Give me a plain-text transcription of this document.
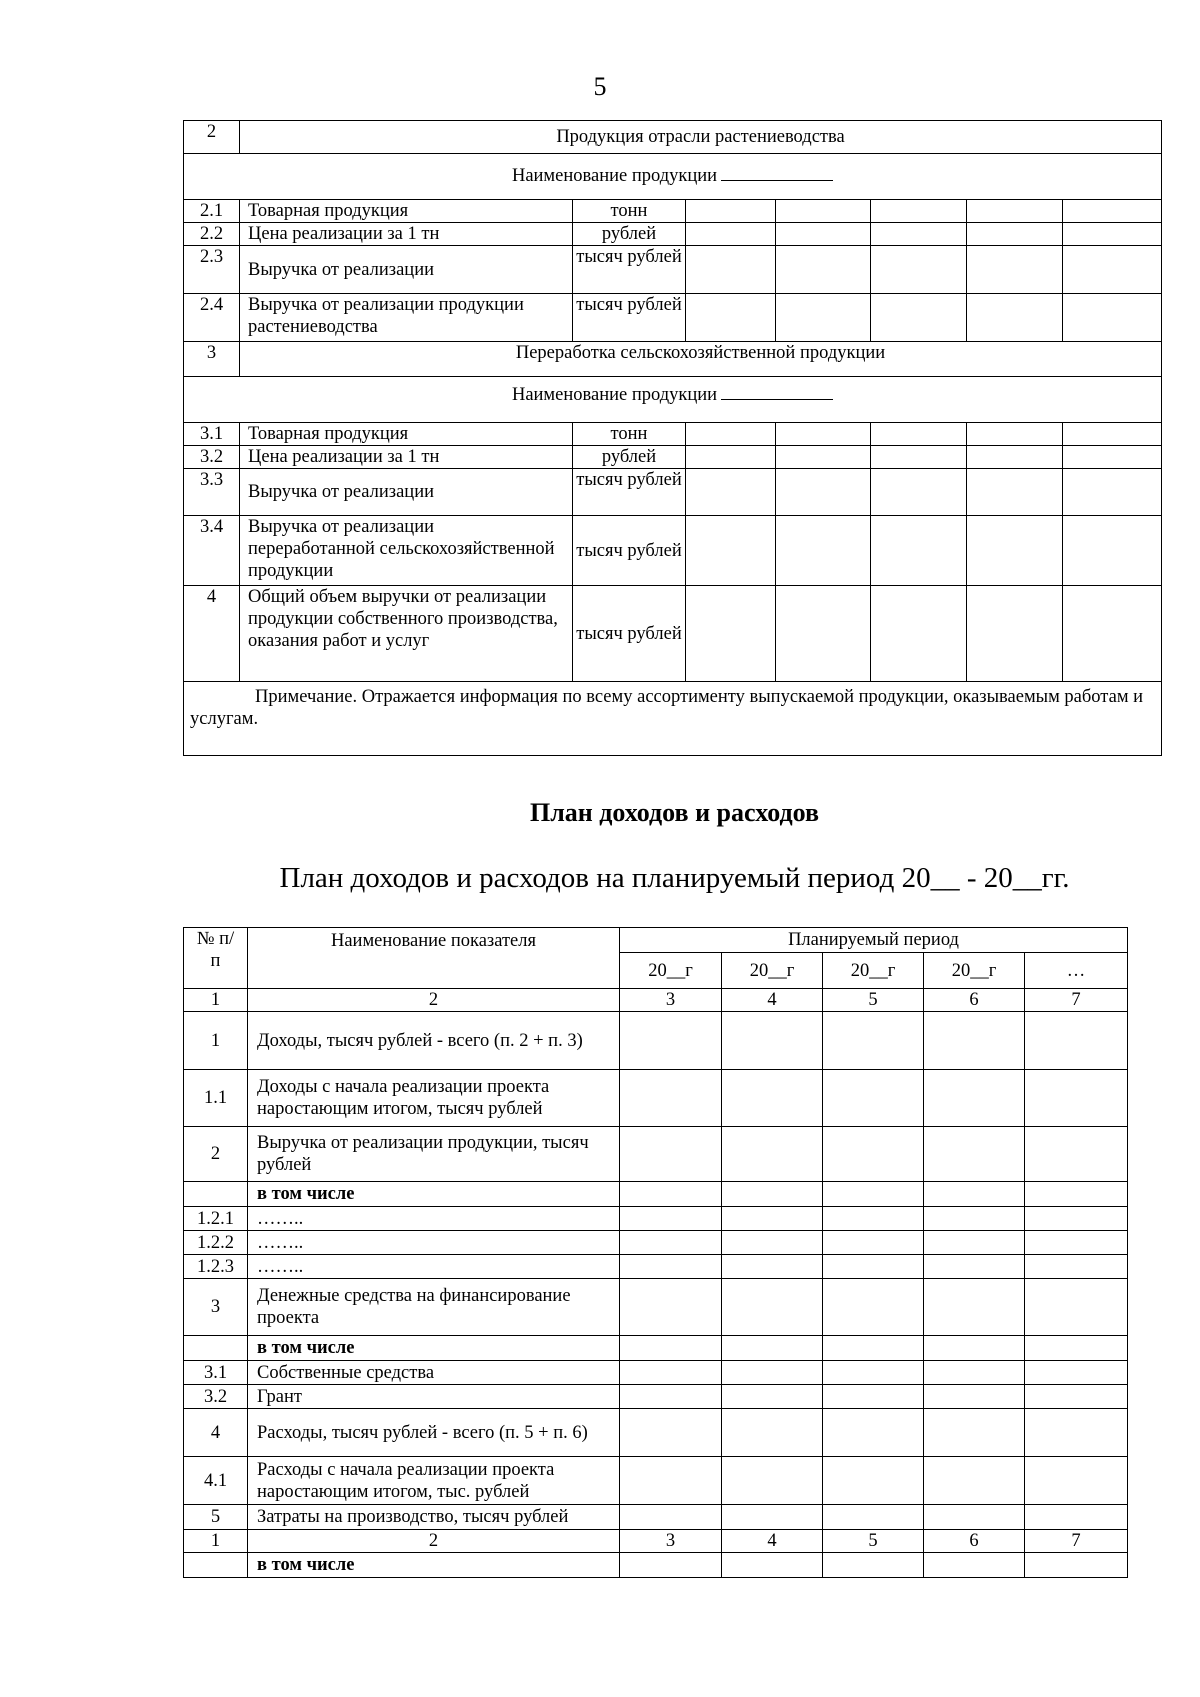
5
2	Продукция отрасли растениеводства						
Наименование продукции							
2.1	Товарная продукция	тонн					
2.2	Цена реализации за 1 тн	рублей					
2.3	Выручка от реализации	тысяч рублей					
2.4	Выручка от реализации продукции растениеводства	тысяч рублей					
3	Переработка сельскохозяйственной продукции						
Наименование продукции							
3.1	Товарная продукция	тонн					
3.2	Цена реализации за 1 тн	рублей					
3.3	Выручка от реализации	тысяч рублей					
3.4	Выручка от реализации переработанной сельскохозяйственной продукции	тысяч рублей					
4	Общий объем выручки от реализации продукции собственного производства, оказания работ и услуг	тысяч рублей					
Примечание. Отражается информация по всему ассортименту выпускаемой продукции, оказываемым работам и услугам.							
План доходов и расходов
План доходов и расходов на планируемый период 20__ - 20__гг.
№ п/п	Наименование показателя	Планируемый период				
		20__г	20__г	20__г	20__г	…
1	2	3	4	5	6	7
1	Доходы, тысяч рублей - всего (п. 2 + п. 3)					
1.1	Доходы с начала реализации проекта наростающим итогом, тысяч рублей					
2	Выручка от реализации продукции, тысяч рублей					
	в том числе					
1.2.1	……..					
1.2.2	……..					
1.2.3	……..					
3	Денежные средства на финансирование проекта					
	в том числе					
3.1	Собственные средства					
3.2	Грант					
4	Расходы, тысяч рублей - всего (п. 5 + п. 6)					
4.1	Расходы с начала реализации проекта наростающим итогом, тыс. рублей					
5	Затраты на производство, тысяч рублей					
1	2	3	4	5	6	7
	в том числе					
